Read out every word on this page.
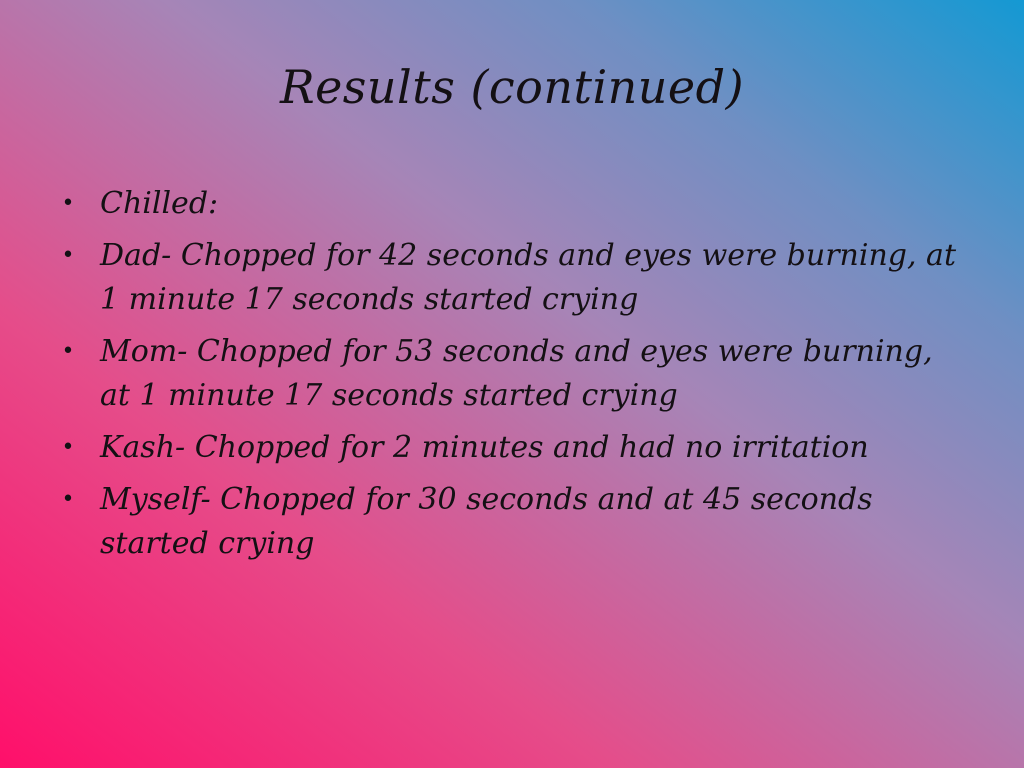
Results (continued)
• Chilled:
• Dad- Chopped for 42 seconds and eyes were burning, at 1 minute 17 seconds started crying
• Mom- Chopped for 53 seconds and eyes were burning, at 1 minute 17 seconds started crying
• Kash- Chopped for 2 minutes and had no irritation
• Myself- Chopped for 30 seconds and at 45 seconds started crying
